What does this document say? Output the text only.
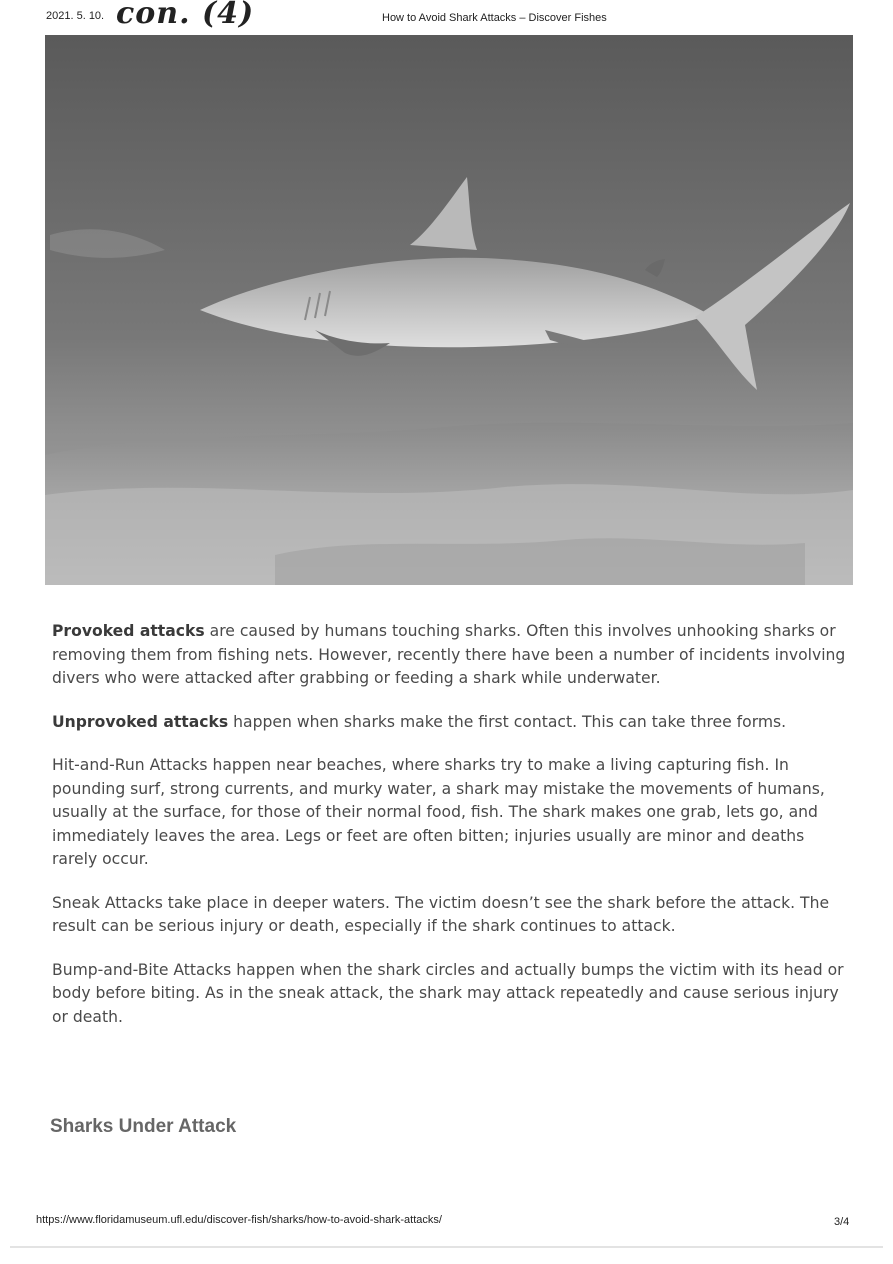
2021. 5. 10. con. (4)	How to Avoid Shark Attacks – Discover Fishes

Provoked attacks are caused by humans touching sharks. Often this involves unhooking sharks or removing them from fishing nets. However, recently there have been a number of incidents involving divers who were attacked after grabbing or feeding a shark while underwater.

Unprovoked attacks happen when sharks make the first contact. This can take three forms.

Hit-and-Run Attacks happen near beaches, where sharks try to make a living capturing fish. In pounding surf, strong currents, and murky water, a shark may mistake the movements of humans, usually at the surface, for those of their normal food, fish. The shark makes one grab, lets go, and immediately leaves the area. Legs or feet are often bitten; injuries usually are minor and deaths rarely occur.

Sneak Attacks take place in deeper waters. The victim doesn’t see the shark before the attack. The result can be serious injury or death, especially if the shark continues to attack.

Bump-and-Bite Attacks happen when the shark circles and actually bumps the victim with its head or body before biting. As in the sneak attack, the shark may attack repeatedly and cause serious injury or death.

Sharks Under Attack
https://www.floridamuseum.ufl.edu/discover-fish/sharks/how-to-avoid-shark-attacks/	3/4
